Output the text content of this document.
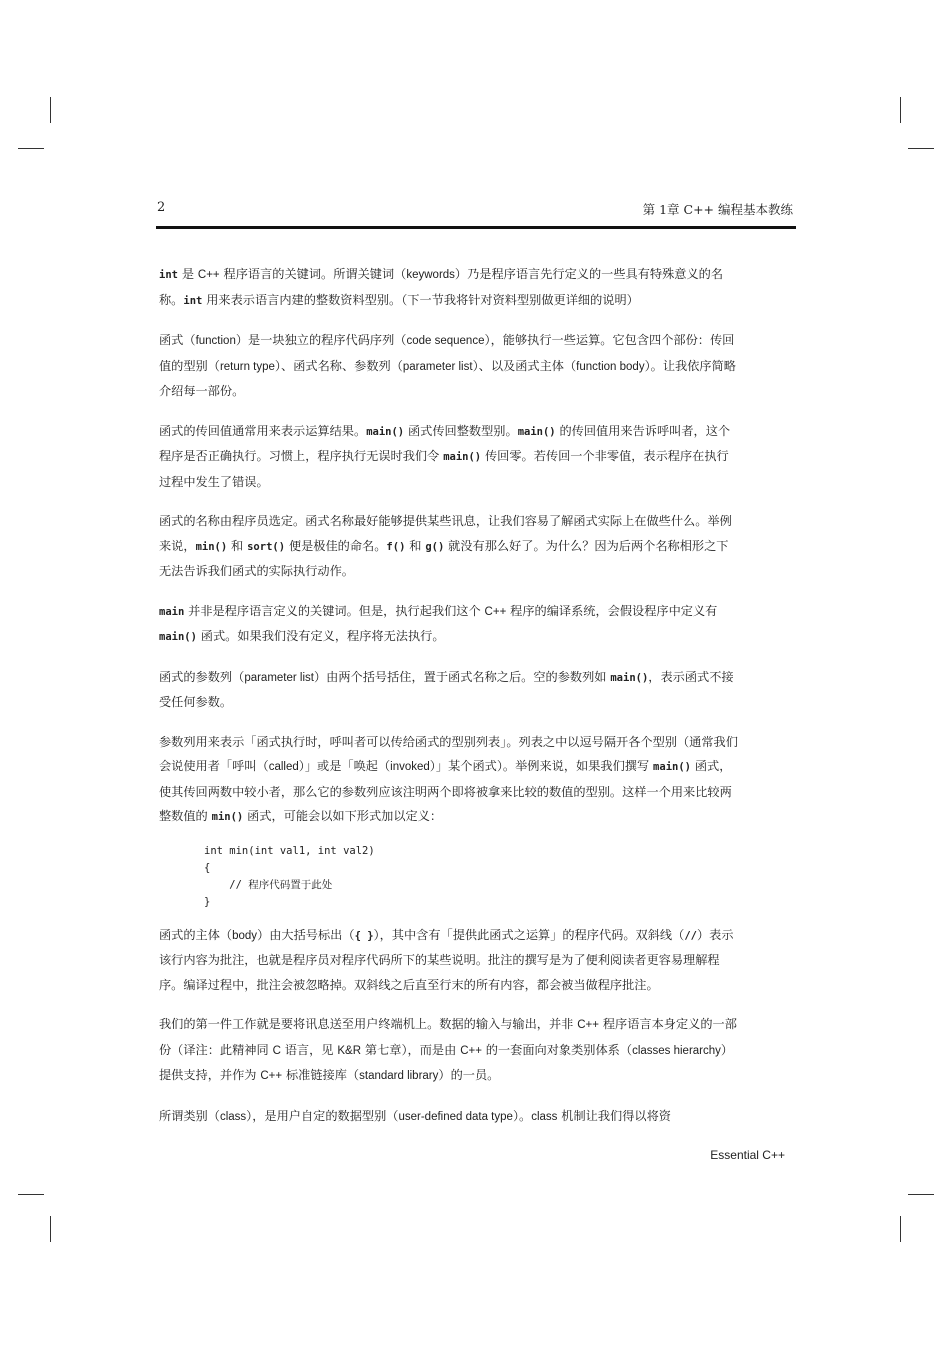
2	第 1章 C++ 编程基本教练

int 是 C++ 程序语言的关键词。所谓关键词（keywords）乃是程序语言先行定义的一些具有特殊意义的名称。int 用来表示语言内建的整数资料型别。（下一节我将针对资料型别做更详细的说明）

函式（function）是一块独立的程序代码序列（code sequence），能够执行一些运算。它包含四个部份：传回值的型别（return type）、函式名称、参数列（parameter list）、以及函式主体（function body）。让我依序简略介绍每一部份。

函式的传回值通常用来表示运算结果。main() 函式传回整数型别。main() 的传回值用来告诉呼叫者，这个程序是否正确执行。习惯上，程序执行无误时我们令 main() 传回零。若传回一个非零值，表示程序在执行过程中发生了错误。

函式的名称由程序员选定。函式名称最好能够提供某些讯息，让我们容易了解函式实际上在做些什么。举例来说，min() 和 sort() 便是极佳的命名。f() 和 g() 就没有那么好了。为什么？因为后两个名称相形之下无法告诉我们函式的实际执行动作。

main 并非是程序语言定义的关键词。但是，执行起我们这个 C++ 程序的编译系统，会假设程序中定义有 main() 函式。如果我们没有定义，程序将无法执行。

函式的参数列（parameter list）由两个括号括住，置于函式名称之后。空的参数列如 main()，表示函式不接受任何参数。

参数列用来表示「函式执行时，呼叫者可以传给函式的型别列表」。列表之中以逗号隔开各个型别（通常我们会说使用者「呼叫（called）」或是「唤起（invoked）」某个函式）。举例来说，如果我们撰写 main() 函式，使其传回两数中较小者，那么它的参数列应该注明两个即将被拿来比较的数值的型别。这样一个用来比较两整数值的 min() 函式，可能会以如下形式加以定义：

int min(int val1, int val2)
{
// 程序代码置于此处
}

函式的主体（body）由大括号标出（{ }），其中含有「提供此函式之运算」的程序代码。双斜线（//）表示该行内容为批注，也就是程序员对程序代码所下的某些说明。批注的撰写是为了便利阅读者更容易理解程序。编译过程中，批注会被忽略掉。双斜线之后直至行末的所有内容，都会被当做程序批注。

我们的第一件工作就是要将讯息送至用户终端机上。数据的输入与输出，并非 C++ 程序语言本身定义的一部份（译注：此精神同 C 语言，见 K&R 第七章），而是由 C++ 的一套面向对象类别体系（classes hierarchy）提供支持，并作为 C++ 标准链接库（standard library）的一员。

所谓类别（class），是用户自定的数据型别（user-defined data type）。class 机制让我们得以将资

Essential C++
